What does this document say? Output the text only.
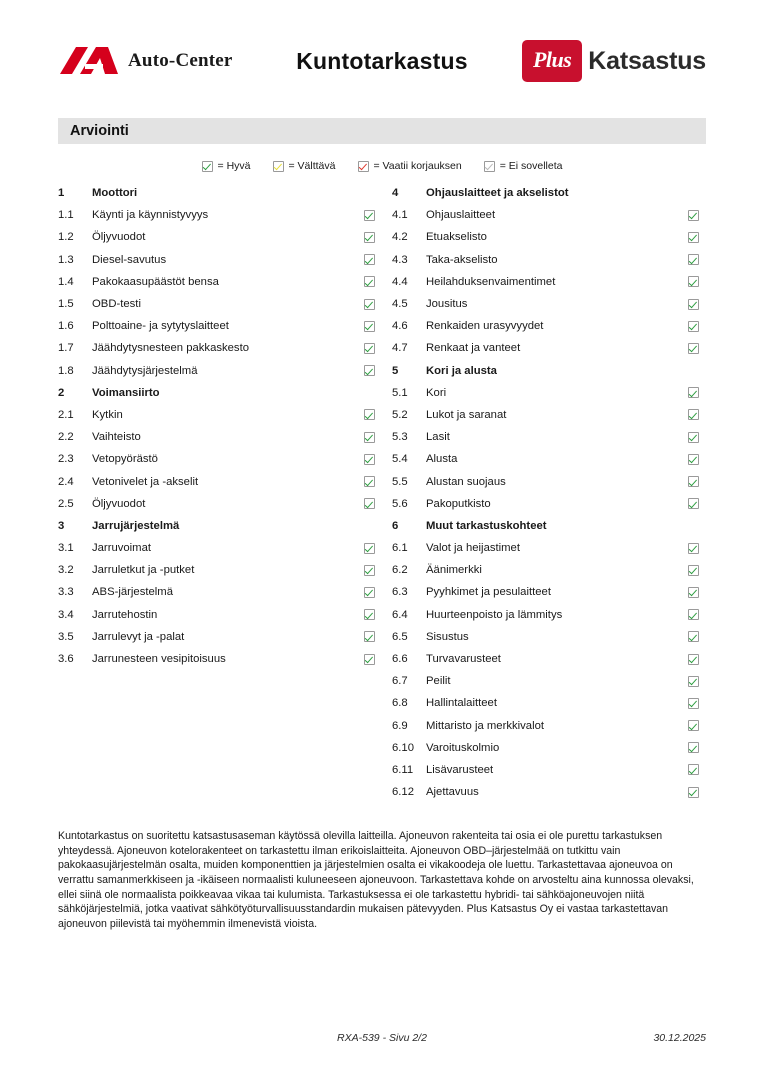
Auto-Center	Kuntotarkastus	Plus Katsastus
Arviointi
= Hyvä	= Välttävä	= Vaatii korjauksen	= Ei sovelleta
1	Moottori
1.1	Käynti ja käynnistyvyys
1.2	Öljyvuodot
1.3	Diesel-savutus
1.4	Pakokaasupäästöt bensa
1.5	OBD-testi
1.6	Polttoaine- ja sytytyslaitteet
1.7	Jäähdytysnesteen pakkaskesto
1.8	Jäähdytysjärjestelmä
2	Voimansiirto
2.1	Kytkin
2.2	Vaihteisto
2.3	Vetopyörästö
2.4	Vetonivelet ja -akselit
2.5	Öljyvuodot
3	Jarrujärjestelmä
3.1	Jarruvoimat
3.2	Jarruletkut ja -putket
3.3	ABS-järjestelmä
3.4	Jarrutehostin
3.5	Jarrulevyt ja -palat
3.6	Jarrunesteen vesipitoisuus
4	Ohjauslaitteet ja akselistot
4.1	Ohjauslaitteet
4.2	Etuakselisto
4.3	Taka-akselisto
4.4	Heilahduksenvaimentimet
4.5	Jousitus
4.6	Renkaiden urasyvyydet
4.7	Renkaat ja vanteet
5	Kori ja alusta
5.1	Kori
5.2	Lukot ja saranat
5.3	Lasit
5.4	Alusta
5.5	Alustan suojaus
5.6	Pakoputkisto
6	Muut tarkastuskohteet
6.1	Valot ja heijastimet
6.2	Äänimerkki
6.3	Pyyhkimet ja pesulaitteet
6.4	Huurteenpoisto ja lämmitys
6.5	Sisustus
6.6	Turvavarusteet
6.7	Peilit
6.8	Hallintalaitteet
6.9	Mittaristo ja merkkivalot
6.10	Varoituskolmio
6.11	Lisävarusteet
6.12	Ajettavuus
Kuntotarkastus on suoritettu katsastusaseman käytössä olevilla laitteilla. Ajoneuvon rakenteita tai osia ei ole purettu tarkastuksen yhteydessä. Ajoneuvon kotelorakenteet on tarkastettu ilman erikoislaitteita. Ajoneuvon OBD–järjestelmää on tutkittu vain pakokaasujärjestelmän osalta, muiden komponenttien ja järjestelmien osalta ei vikakoodeja ole luettu. Tarkastettavaa ajoneuvoa on verrattu samanmerkkiseen ja -ikäiseen normaalisti kuluneeseen ajoneuvoon. Tarkastettava kohde on arvosteltu aina kunnossa olevaksi, ellei siinä ole normaalista poikkeavaa vikaa tai kulumista. Tarkastuksessa ei ole tarkastettu hybridi- tai sähköajoneuvojen niitä sähköjärjestelmiä, jotka vaativat sähkötyöturvallisuusstandardin mukaisen pätevyyden. Plus Katsastus Oy ei vastaa tarkastettavan ajoneuvon piilevistä tai myöhemmin ilmenevistä vioista.
RXA-539 - Sivu 2/2	30.12.2025
